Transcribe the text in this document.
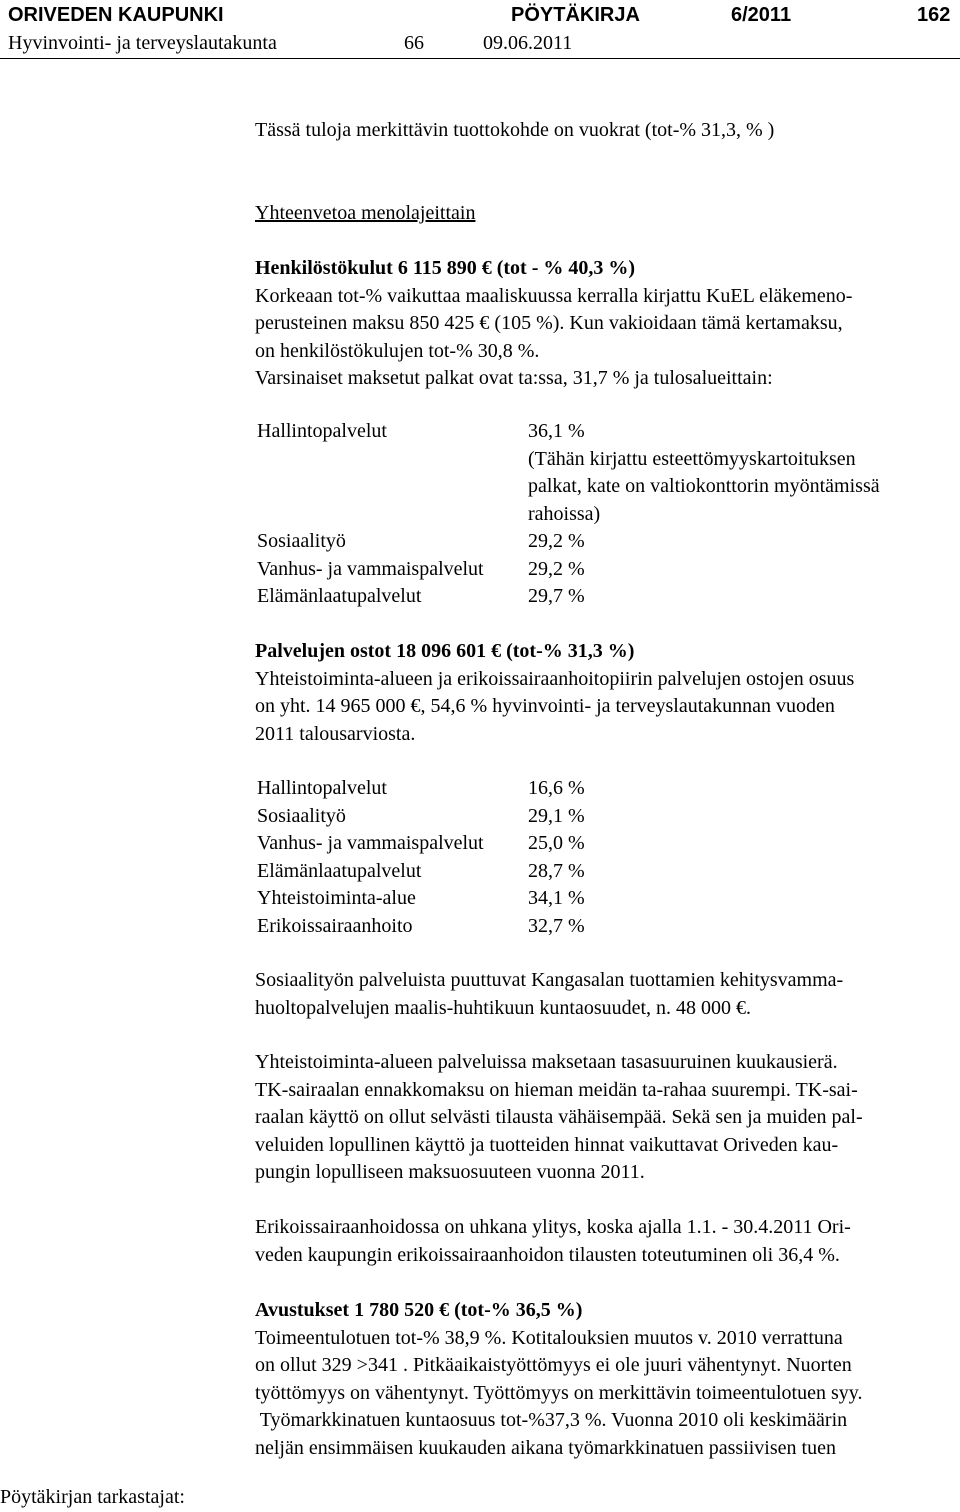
ORIVEDEN KAUPUNKI	PÖYTÄKIRJA	6/2011	162
Hyvinvointi- ja terveyslautakunta	66	09.06.2011
Tässä tuloja merkittävin tuottokohde on vuokrat (tot-% 31,3, % )
Yhteenvetoa menolajeittain
Henkilöstökulut 6 115 890 € (tot - % 40,3 %)
Korkeaan tot-% vaikuttaa maaliskuussa kerralla kirjattu KuEL eläkemeno-
perusteinen maksu 850 425 € (105 %). Kun vakioidaan tämä kertamaksu,
on henkilöstökulujen tot-% 30,8 %.
Varsinaiset maksetut palkat ovat ta:ssa, 31,7 % ja tulosalueittain:
Hallintopalvelut	36,1 %
(Tähän kirjattu esteettömyyskartoituksen
palkat, kate on valtiokonttorin myöntämissä
rahoissa)
Sosiaalityö	29,2 %
Vanhus- ja vammaispalvelut 29,2 %
Elämänlaatupalvelut	29,7 %
Palvelujen ostot 18 096 601 € (tot-% 31,3 %)
Yhteistoiminta-alueen ja erikoissairaanhoitopiirin palvelujen ostojen osuus
on yht. 14 965 000 €, 54,6 % hyvinvointi- ja terveyslautakunnan vuoden
2011 talousarviosta.
Hallintopalvelut	16,6 %
Sosiaalityö	29,1 %
Vanhus- ja vammaispalvelut 25,0 %
Elämänlaatupalvelut	28,7 %
Yhteistoiminta-alue	34,1 %
Erikoissairaanhoito	32,7 %
Sosiaalityön palveluista puuttuvat Kangasalan tuottamien kehitysvamma-
huoltopalvelujen maalis-huhtikuun kuntaosuudet, n. 48 000 €.
Yhteistoiminta-alueen palveluissa maksetaan tasasuuruinen kuukausierä.
TK-sairaalan ennakkomaksu on hieman meidän ta-rahaa suurempi. TK-sai-
raalan käyttö on ollut selvästi tilausta vähäisempää. Sekä sen ja muiden pal-
veluiden lopullinen käyttö ja tuotteiden hinnat vaikuttavat Oriveden kau-
pungin lopulliseen maksuosuuteen vuonna 2011.
Erikoissairaanhoidossa on uhkana ylitys, koska ajalla 1.1. - 30.4.2011 Ori-
veden kaupungin erikoissairaanhoidon tilausten toteutuminen oli 36,4 %.
Avustukset 1 780 520 € (tot-% 36,5 %)
Toimeentulotuen tot-% 38,9 %. Kotitalouksien muutos v. 2010 verrattuna
on ollut 329 >341 . Pitkäaikaistyöttömyys ei ole juuri vähentynyt. Nuorten
työttömyys on vähentynyt. Työttömyys on merkittävin toimeentulotuen syy.
Työmarkkinatuen kuntaosuus tot-%37,3 %. Vuonna 2010 oli keskimäärin
neljän ensimmäisen kuukauden aikana työmarkkinatuen passiivisen tuen
Pöytäkirjan tarkastajat:
